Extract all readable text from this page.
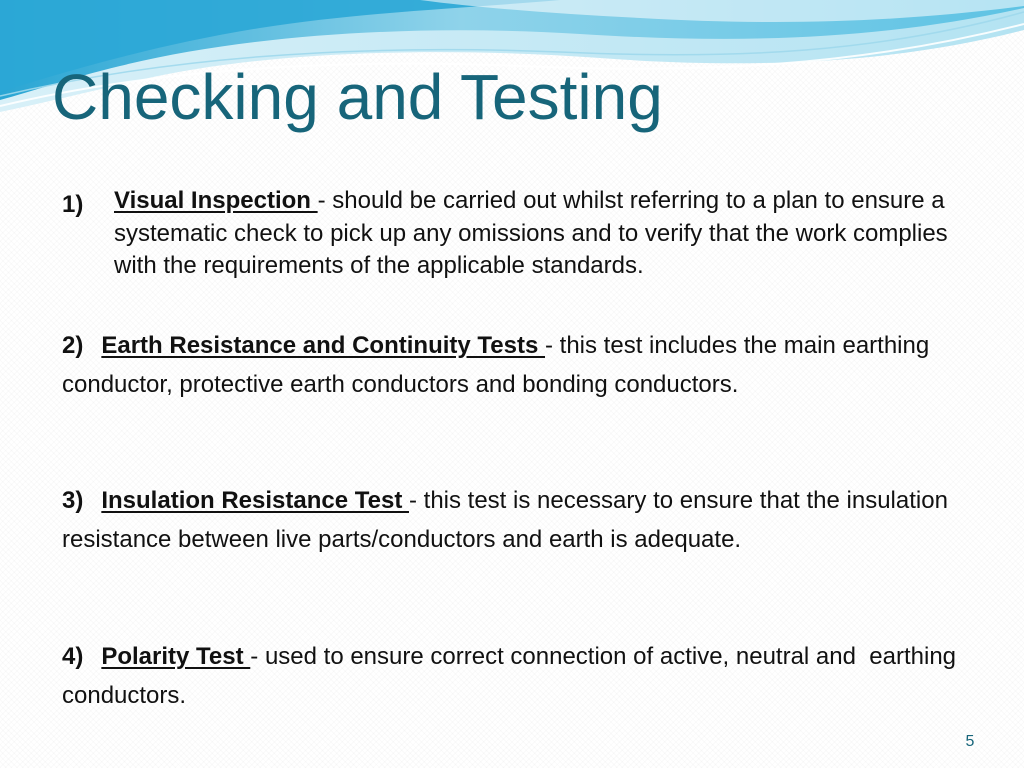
Checking and Testing
1) Visual Inspection - should be carried out whilst referring to a plan to ensure a systematic check to pick up any omissions and to verify that the work complies with the requirements of the applicable standards.
2) Earth Resistance and Continuity Tests - this test includes the main earthing conductor, protective earth conductors and bonding conductors.
3) Insulation Resistance Test - this test is necessary to ensure that the insulation resistance between live parts/conductors and earth is adequate.
4) Polarity Test - used to ensure correct connection of active, neutral and  earthing conductors.
5
